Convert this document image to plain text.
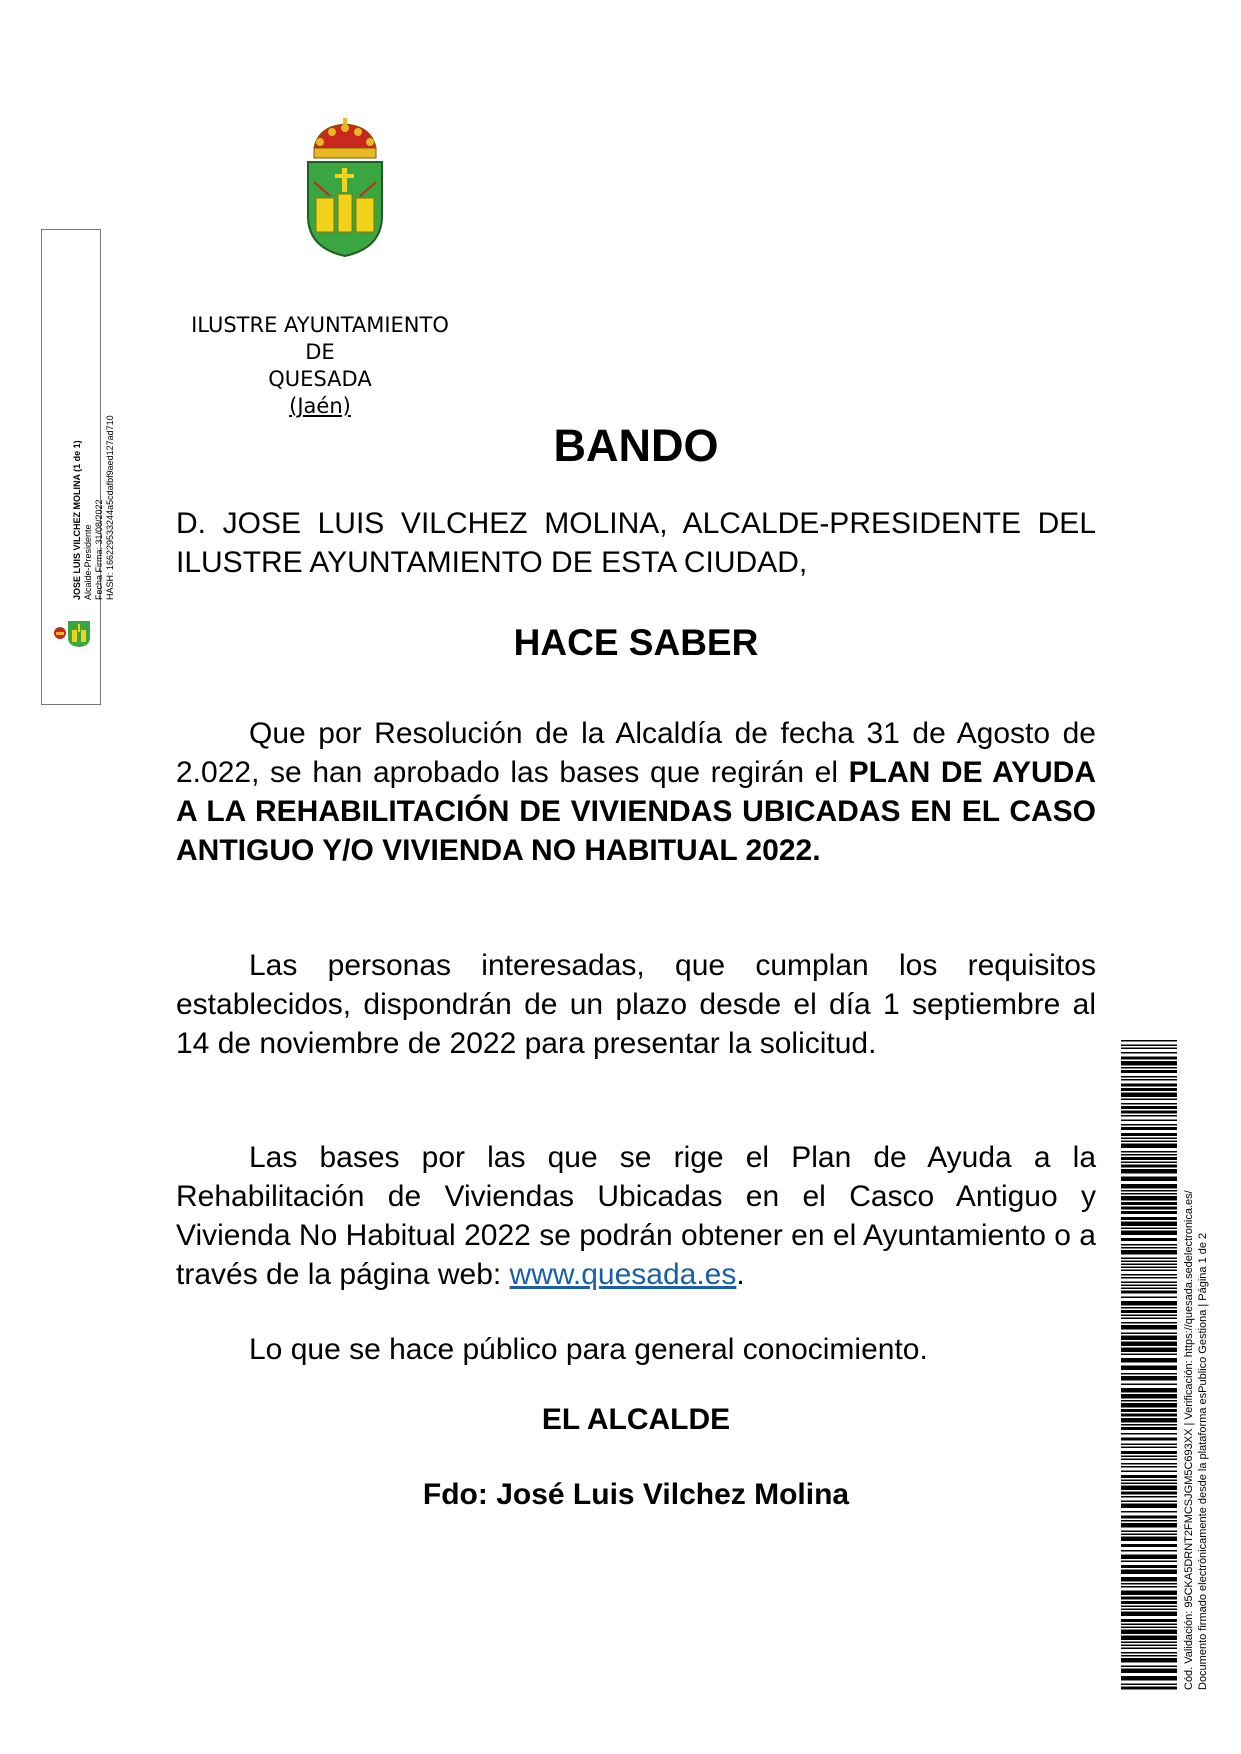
ILUSTRE AYUNTAMIENTO
DE
QUESADA
(Jaén)
BANDO
D. JOSE LUIS VILCHEZ MOLINA, ALCALDE-PRESIDENTE DEL ILUSTRE AYUNTAMIENTO DE ESTA CIUDAD,
HACE SABER
Que por Resolución de la Alcaldía de fecha 31 de Agosto de 2.022, se han aprobado las bases que regirán el PLAN DE AYUDA A LA REHABILITACIÓN DE VIVIENDAS UBICADAS EN EL CASO ANTIGUO Y/O VIVIENDA NO HABITUAL 2022.
Las personas interesadas, que cumplan los requisitos establecidos, dispondrán de un plazo desde el día 1 septiembre al 14 de noviembre de 2022 para presentar la solicitud.
Las bases por las que se rige el Plan de Ayuda a la Rehabilitación de Viviendas Ubicadas en el Casco Antiguo y Vivienda No Habitual 2022 se podrán obtener en el Ayuntamiento o a través de la página web: www.quesada.es.
Lo que se hace público para general conocimiento.
EL ALCALDE
Fdo: José Luis Vilchez Molina
JOSE LUIS VILCHEZ MOLINA (1 de 1) Alcalde-Presidente Fecha Firma: 31/08/2022 HASH: 166229533244a5cdafbf9aed127ad710
Cód. Validación: 95CKA5DRNT2FMCSJGM5C693XX | Verificación: https://quesada.sedelectronica.es/ Documento firmado electrónicamente desde la plataforma esPublico Gestiona | Página 1 de 2
